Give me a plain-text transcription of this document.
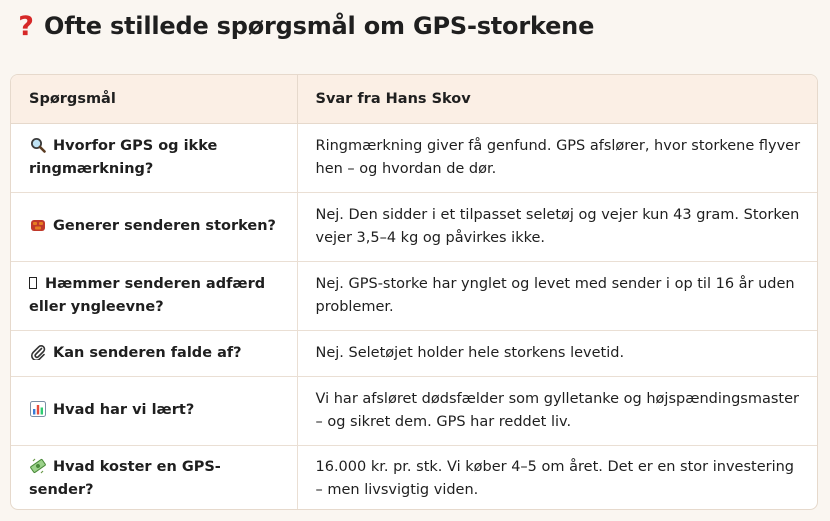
? Ofte stillede spørgsmål om GPS-storkene
Spørgsmål	Svar fra Hans Skov
Hvorfor GPS og ikke ringmærkning?	Ringmærkning giver få genfund. GPS afslører, hvor storkene flyver hen – og hvordan de dør.
Generer senderen storken?	Nej. Den sidder i et tilpasset seletøj og vejer kun 43 gram. Storken vejer 3,5–4 kg og påvirkes ikke.
Hæmmer senderen adfærd eller yngleevne?	Nej. GPS-storke har ynglet og levet med sender i op til 16 år uden problemer.
Kan senderen falde af?	Nej. Seletøjet holder hele storkens levetid.
Hvad har vi lært?	Vi har afsløret dødsfælder som gylletanke og højspændingsmaster – og sikret dem. GPS har reddet liv.
Hvad koster en GPS-sender?	16.000 kr. pr. stk. Vi køber 4–5 om året. Det er en stor investering – men livsvigtig viden.
